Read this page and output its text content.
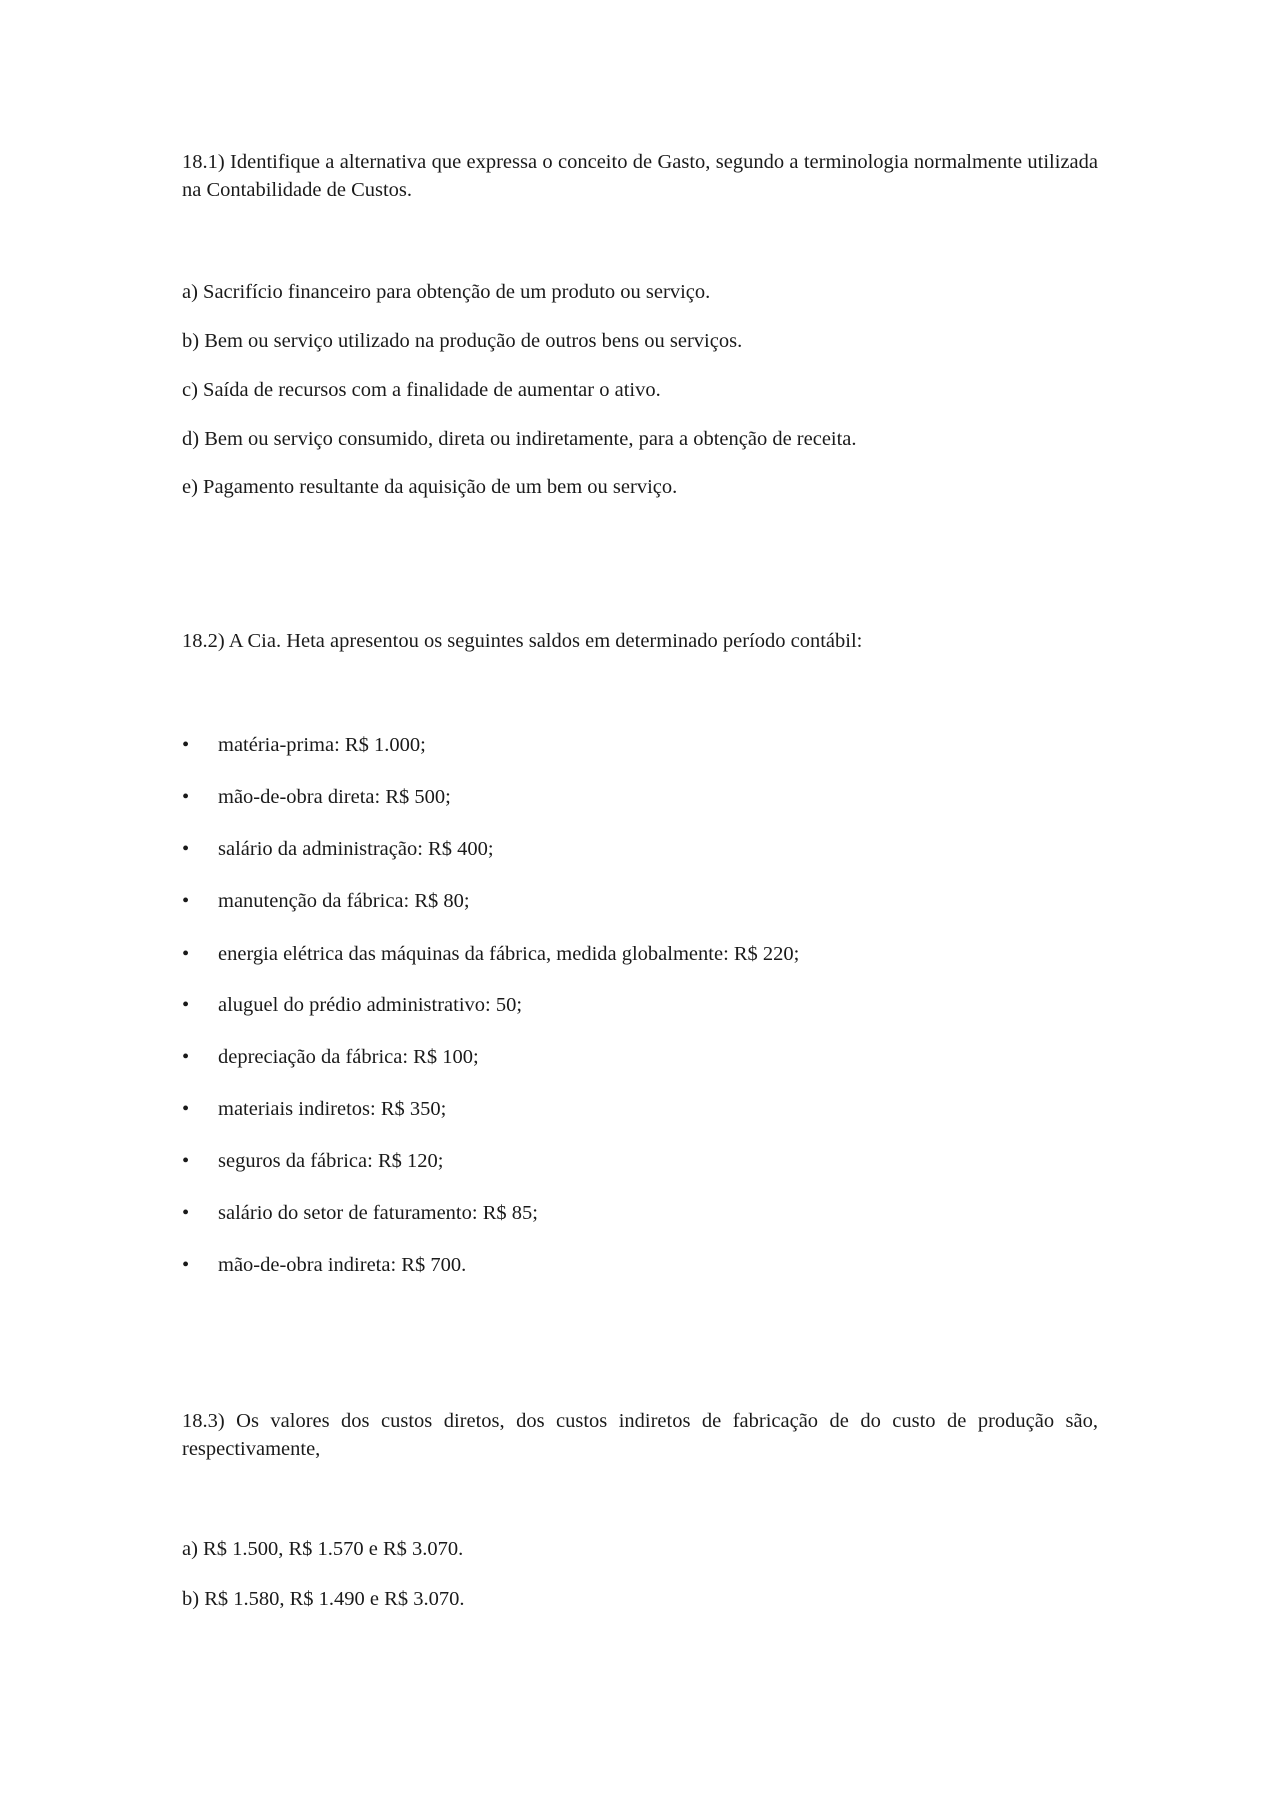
18.1) Identifique a alternativa que expressa o conceito de Gasto, segundo a terminologia normalmente utilizada na Contabilidade de Custos.

a) Sacrifício financeiro para obtenção de um produto ou serviço.

b) Bem ou serviço utilizado na produção de outros bens ou serviços.

c) Saída de recursos com a finalidade de aumentar o ativo.

d) Bem ou serviço consumido, direta ou indiretamente, para a obtenção de receita.

e) Pagamento resultante da aquisição de um bem ou serviço.

18.2) A Cia. Heta apresentou os seguintes saldos em determinado período contábil:

• matéria-prima: R$ 1.000;
• mão-de-obra direta: R$ 500;
• salário da administração: R$ 400;
• manutenção da fábrica: R$ 80;
• energia elétrica das máquinas da fábrica, medida globalmente: R$ 220;
• aluguel do prédio administrativo: 50;
• depreciação da fábrica: R$ 100;
• materiais indiretos: R$ 350;
• seguros da fábrica: R$ 120;
• salário do setor de faturamento: R$ 85;
• mão-de-obra indireta: R$ 700.

18.3) Os valores dos custos diretos, dos custos indiretos de fabricação de do custo de produção são, respectivamente,

a) R$ 1.500, R$ 1.570 e R$ 3.070.

b) R$ 1.580, R$ 1.490 e R$ 3.070.
